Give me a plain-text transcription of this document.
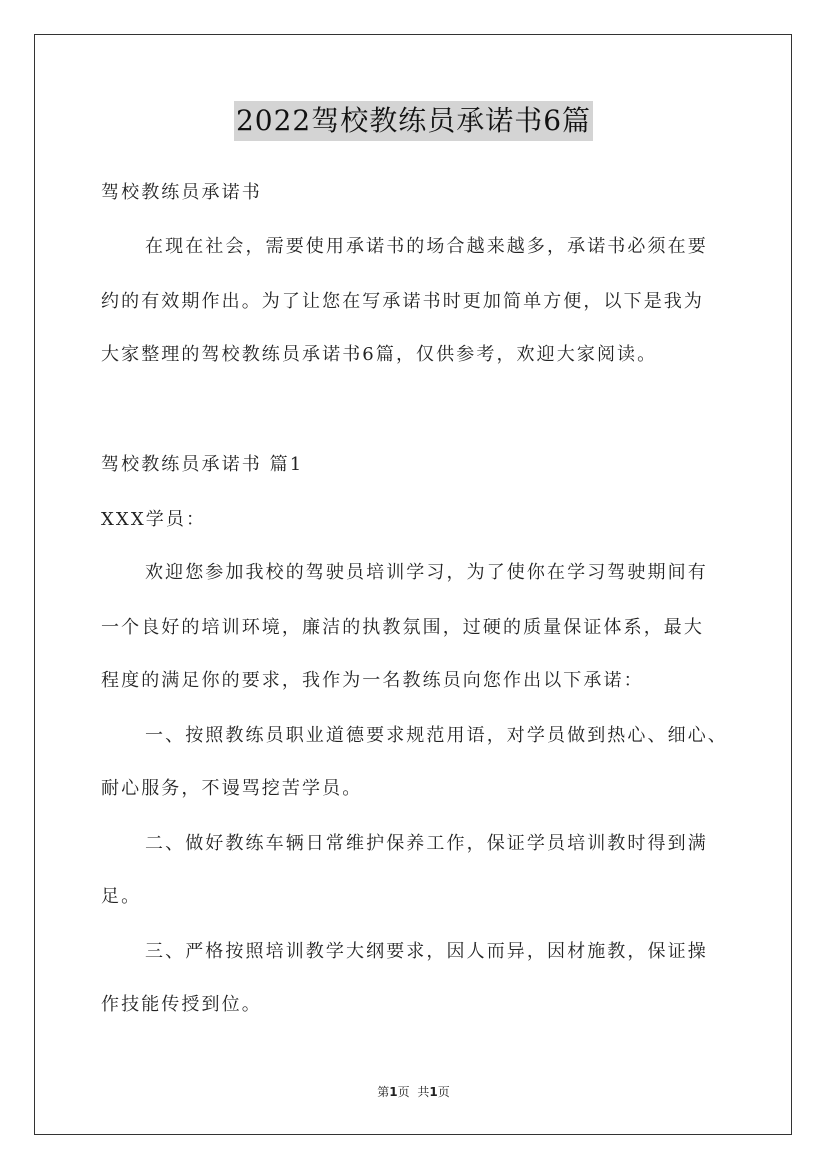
2022驾校教练员承诺书6篇
驾校教练员承诺书
在现在社会，需要使用承诺书的场合越来越多，承诺书必须在要
约的有效期作出。为了让您在写承诺书时更加简单方便，以下是我为
大家整理的驾校教练员承诺书6篇，仅供参考，欢迎大家阅读。
驾校教练员承诺书 篇1
XXX学员：
欢迎您参加我校的驾驶员培训学习，为了使你在学习驾驶期间有
一个良好的培训环境，廉洁的执教氛围，过硬的质量保证体系，最大
程度的满足你的要求，我作为一名教练员向您作出以下承诺：
一、按照教练员职业道德要求规范用语，对学员做到热心、细心、
耐心服务，不谩骂挖苦学员。
二、做好教练车辆日常维护保养工作，保证学员培训教时得到满
足。
三、严格按照培训教学大纲要求，因人而异，因材施教，保证操
作技能传授到位。
第1页 共1页
